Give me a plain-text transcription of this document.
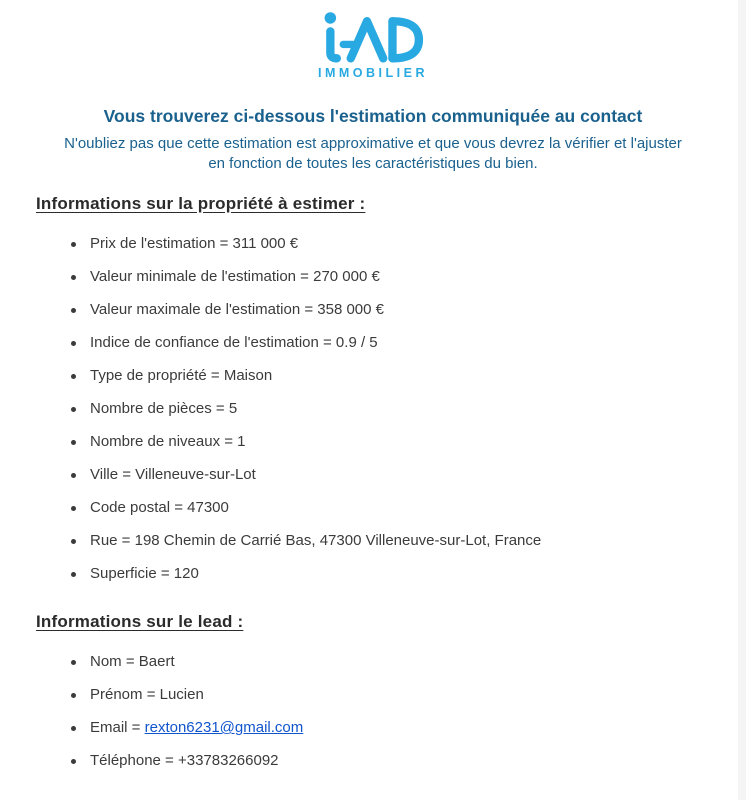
IMMOBILIER
Vous trouverez ci-dessous l'estimation communiquée au contact

N'oubliez pas que cette estimation est approximative et que vous devrez la vérifier et l'ajuster en fonction de toutes les caractéristiques du bien.

Informations sur la propriété à estimer :
Prix de l'estimation = 311 000 €
Valeur minimale de l'estimation = 270 000 €
Valeur maximale de l'estimation = 358 000 €
Indice de confiance de l'estimation = 0.9 / 5
Type de propriété = Maison
Nombre de pièces = 5
Nombre de niveaux = 1
Ville = Villeneuve-sur-Lot
Code postal = 47300
Rue = 198 Chemin de Carrié Bas, 47300 Villeneuve-sur-Lot, France
Superficie = 120
Informations sur le lead :
Nom = Baert
Prénom = Lucien
Email = rexton6231@gmail.com
Téléphone = +33783266092
